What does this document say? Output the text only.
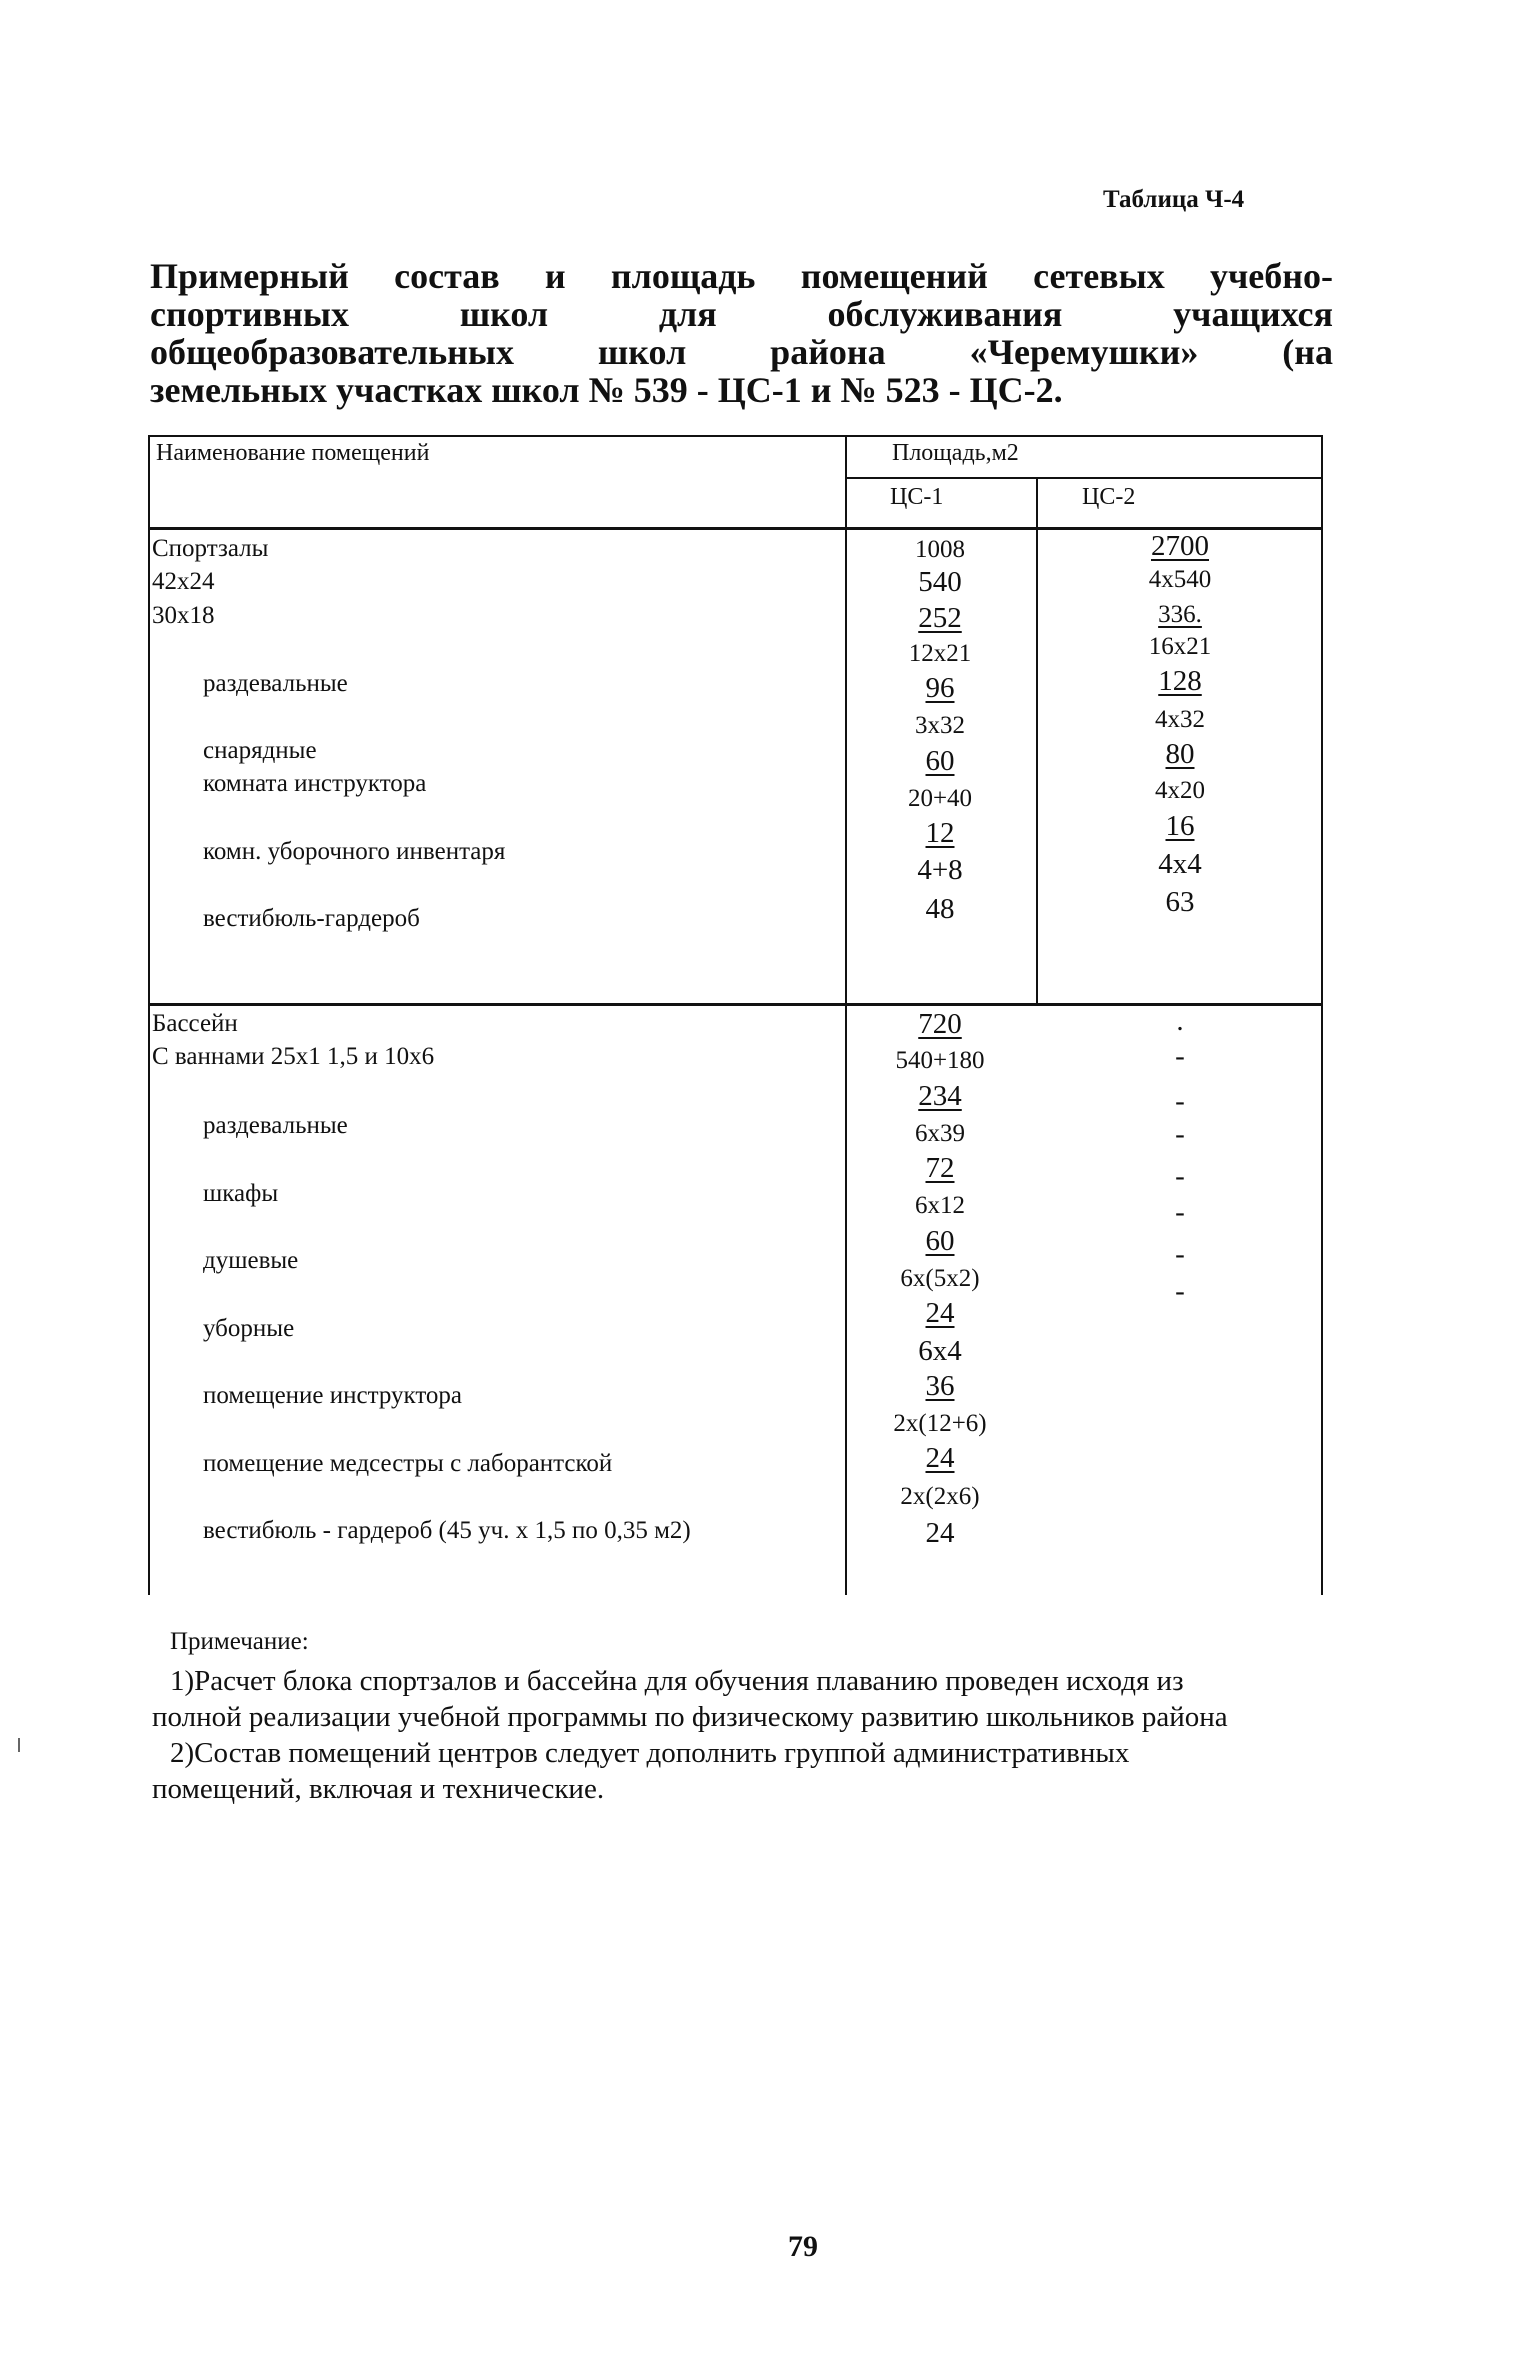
Таблица Ч-4
Примерный состав и площадь помещений сетевых учебно-
спортивных школ для обслуживания учащихся
общеобразовательных школ района «Черемушки» (на
земельных участках школ № 539 - ЦС-1 и № 523 - ЦС-2.
Наименование помещений	Площадь,м2
ЦС-1	ЦС-2
Спортзалы
42x24
30x18
раздевальные
снарядные
комната инструктора
комн. уборочного инвентаря
вестибюль-гардероб
1008
540
252
12x21
96
3x32
60
20+40
12
4+8
48
2700
4x540
336.
16x21
128
4x32
80
4x20
16
4x4
63
Бассейн
С ваннами 25x1 1,5 и 10x6
раздевальные
шкафы
душевые
уборные
помещение инструктора
помещение медсестры с лаборантской
вестибюль - гардероб (45 уч. x 1,5 по 0,35 м2)
720
540+180
234
6x39
72
6x12
60
6x(5x2)
24
6x4
36
2x(12+6)
24
2x(2x6)
24
.
-
-
-
-
-
-
-
Примечание:
1)Расчет блока спортзалов и бассейна для обучения плаванию проведен исходя из
полной реализации учебной программы по физическому развитию школьников района
2)Состав помещений центров следует дополнить группой административных
помещений, включая и технические.
79
